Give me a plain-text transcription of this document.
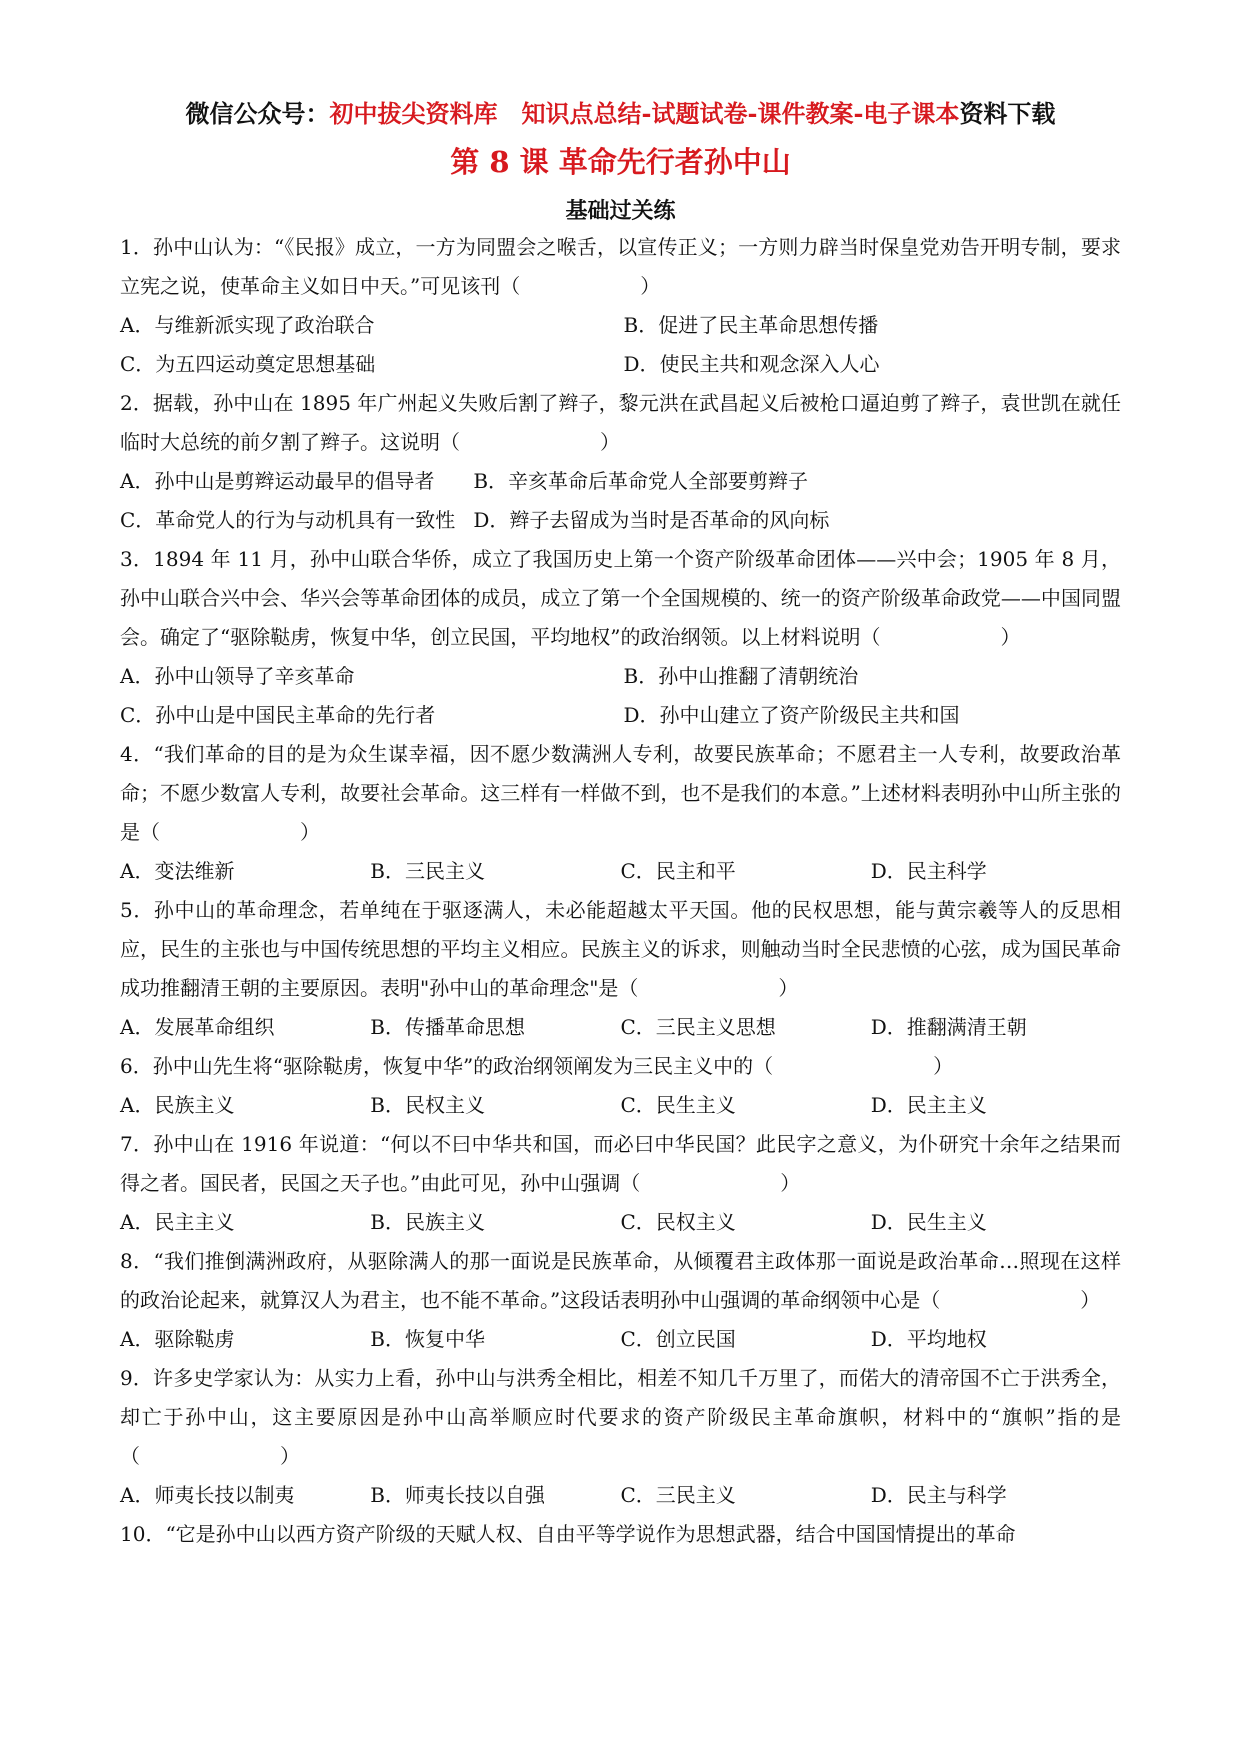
微信公众号：初中拔尖资料库　知识点总结-试题试卷-课件教案-电子课本资料下载
第 8 课 革命先行者孙中山
基础过关练

1．孙中山认为：“《民报》成立，一方为同盟会之喉舌，以宣传正义；一方则力辟当时保皇党劝告开明专制，要求立宪之说，使革命主义如日中天。”可见该刊（　　　　　　）

A．与维新派实现了政治联合	B．促进了民主革命思想传播
C．为五四运动奠定思想基础	D．使民主共和观念深入人心

2．据载，孙中山在 1895 年广州起义失败后割了辫子，黎元洪在武昌起义后被枪口逼迫剪了辫子，袁世凯在就任临时大总统的前夕割了辫子。这说明（　　　　　　　）

A．孙中山是剪辫运动最早的倡导者	B．辛亥革命后革命党人全部要剪辫子
C．革命党人的行为与动机具有一致性 D．辫子去留成为当时是否革命的风向标

3．1894 年 11 月，孙中山联合华侨，成立了我国历史上第一个资产阶级革命团体——兴中会；1905 年 8 月，孙中山联合兴中会、华兴会等革命团体的成员，成立了第一个全国规模的、统一的资产阶级革命政党——中国同盟会。确定了“驱除鞑虏，恢复中华，创立民国，平均地权”的政治纲领。以上材料说明（　　　　　　）

A．孙中山领导了辛亥革命	B．孙中山推翻了清朝统治
C．孙中山是中国民主革命的先行者	D．孙中山建立了资产阶级民主共和国

4．“我们革命的目的是为众生谋幸福，因不愿少数满洲人专利，故要民族革命；不愿君主一人专利，故要政治革命；不愿少数富人专利，故要社会革命。这三样有一样做不到，也不是我们的本意。”上述材料表明孙中山所主张的是（　　　　　　　）

A．变法维新	B．三民主义	C．民主和平	D．民主科学

5．孙中山的革命理念，若单纯在于驱逐满人，未必能超越太平天国。他的民权思想，能与黄宗羲等人的反思相应，民生的主张也与中国传统思想的平均主义相应。民族主义的诉求，则触动当时全民悲愤的心弦，成为国民革命成功推翻清王朝的主要原因。表明"孙中山的革命理念"是（　　　　　　　）

A．发展革命组织	B．传播革命思想	C．三民主义思想	D．推翻满清王朝

6．孙中山先生将“驱除鞑虏，恢复中华”的政治纲领阐发为三民主义中的（　　　　　　　　）

A．民族主义	B．民权主义	C．民生主义	D．民主主义

7．孙中山在 1916 年说道：“何以不曰中华共和国，而必曰中华民国？此民字之意义，为仆研究十余年之结果而得之者。国民者，民国之天子也。”由此可见，孙中山强调（　　　　　　　）

A．民主主义	B．民族主义	C．民权主义	D．民生主义

8．“我们推倒满洲政府，从驱除满人的那一面说是民族革命，从倾覆君主政体那一面说是政治革命…照现在这样的政治论起来，就算汉人为君主，也不能不革命。”这段话表明孙中山强调的革命纲领中心是（　　　　　　　）

A．驱除鞑虏	B．恢复中华	C．创立民国	D．平均地权

9．许多史学家认为：从实力上看，孙中山与洪秀全相比，相差不知几千万里了，而偌大的清帝国不亡于洪秀全，却亡于孙中山，这主要原因是孙中山高举顺应时代要求的资产阶级民主革命旗帜，材料中的“旗帜”指的是（　　　　　　　）

A．师夷长技以制夷	B．师夷长技以自强	C．三民主义	D．民主与科学

10．“它是孙中山以西方资产阶级的天赋人权、自由平等学说作为思想武器，结合中国国情提出的革命
